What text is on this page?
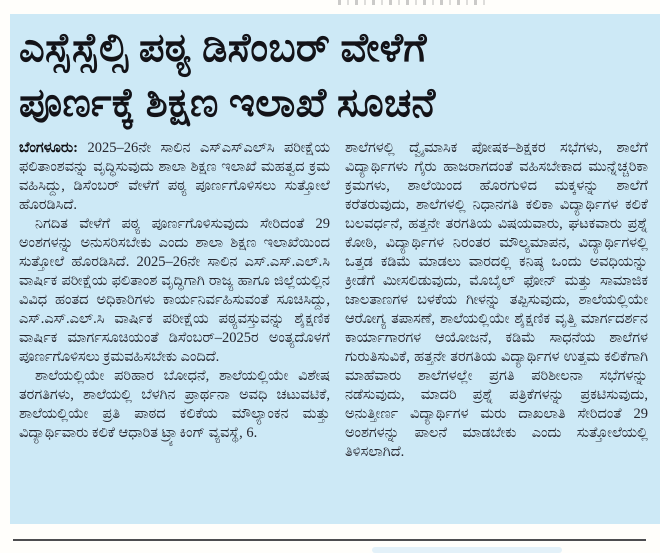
ಎಸ್ಸೆಸ್ಸೆಲ್ಸಿ ಪಠ್ಯ ಡಿಸೆಂಬರ್ ವೇಳೆಗೆ
ಪೂರ್ಣಕ್ಕೆ ಶಿಕ್ಷಣ ಇಲಾಖೆ ಸೂಚನೆ

ಬೆಂಗಳೂರು: 2025–26ನೇ ಸಾಲಿನ ಎಸ್‌ಎಸ್‌ಎಲ್‌ಸಿ ಪರೀಕ್ಷೆಯ ಫಲಿತಾಂಶವನ್ನು ವೃದ್ಧಿಸುವುದು ಶಾಲಾ ಶಿಕ್ಷಣ ಇಲಾಖೆ ಮಹತ್ವದ ಕ್ರಮ ವಹಿಸಿದ್ದು, ಡಿಸೆಂಬರ್ ವೇಳೆಗೆ ಪಠ್ಯ ಪೂರ್ಣಗೊಳಿಸಲು ಸುತ್ತೋಲೆ ಹೊರಡಿಸಿದೆ.

ನಿಗದಿತ ವೇಳೆಗೆ ಪಠ್ಯ ಪೂರ್ಣಗೊಳಿಸುವುದು ಸೇರಿದಂತೆ 29 ಅಂಶಗಳನ್ನು ಅನುಸರಿಸಬೇಕು ಎಂದು ಶಾಲಾ ಶಿಕ್ಷಣ ಇಲಾಖೆಯಿಂದ ಸುತ್ತೋಲೆ ಹೊರಡಿಸಿದೆ. 2025–26ನೇ ಸಾಲಿನ ಎಸ್.ಎಸ್.ಎಲ್.ಸಿ ವಾರ್ಷಿಕ ಪರೀಕ್ಷೆಯ ಫಲಿತಾಂಶ ವೃದ್ಧಿಗಾಗಿ ರಾಜ್ಯ ಹಾಗೂ ಜಿಲ್ಲೆಯಲ್ಲಿನ ವಿವಿಧ ಹಂತದ ಅಧಿಕಾರಿಗಳು ಕಾರ್ಯನಿರ್ವಹಿಸುವಂತೆ ಸೂಚಿಸಿದ್ದು, ಎಸ್.ಎಸ್.ಎಲ್.ಸಿ ವಾರ್ಷಿಕ ಪರೀಕ್ಷೆಯ ಪಠ್ಯವಸ್ತುವನ್ನು ಶೈಕ್ಷಣಿಕ ವಾರ್ಷಿಕ ಮಾರ್ಗಸೂಚಿಯಂತೆ ಡಿಸೆಂಬರ್–2025ರ ಅಂತ್ಯದೊಳಗೆ ಪೂರ್ಣಗೊಳಿಸಲು ಕ್ರಮವಹಿಸಬೇಕು ಎಂದಿದೆ.

ಶಾಲೆಯಲ್ಲಿಯೇ ಪರಿಹಾರ ಬೋಧನೆ, ಶಾಲೆಯಲ್ಲಿಯೇ ವಿಶೇಷ ತರಗತಿಗಳು, ಶಾಲೆಯಲ್ಲಿ ಬೆಳಗಿನ ಪ್ರಾರ್ಥನಾ ಅವಧಿ ಚಟುವಟಿಕೆ, ಶಾಲೆಯಲ್ಲಿಯೇ ಪ್ರತಿ ಪಾಠದ ಕಲಿಕೆಯ ಮೌಲ್ಯಾಂಕನ ಮತ್ತು ವಿದ್ಯಾರ್ಥಿವಾರು ಕಲಿಕೆ ಆಧಾರಿತ ಟ್ರ್ಯಾಕಿಂಗ್ ವ್ಯವಸ್ಥೆ, 6.

ಶಾಲೆಗಳಲ್ಲಿ ದ್ವೈಮಾಸಿಕ ಪೋಷಕ–ಶಿಕ್ಷಕರ ಸಭೆಗಳು, ಶಾಲೆಗೆ ವಿದ್ಯಾರ್ಥಿಗಳು ಗೈರು ಹಾಜರಾಗದಂತೆ ವಹಿಸಬೇಕಾದ ಮುನ್ನೆಚ್ಚರಿಕಾ ಕ್ರಮಗಳು, ಶಾಲೆಯಿಂದ ಹೊರಗುಳಿದ ಮಕ್ಕಳನ್ನು ಶಾಲೆಗೆ ಕರೆತರುವುದು, ಶಾಲೆಗಳಲ್ಲಿ ನಿಧಾನಗತಿ ಕಲಿಕಾ ವಿದ್ಯಾರ್ಥಿಗಳ ಕಲಿಕೆ ಬಲವರ್ಧನೆ, ಹತ್ತನೇ ತರಗತಿಯ ವಿಷಯವಾರು, ಘಟಕವಾರು ಪ್ರಶ್ನೆ ಕೋಠಿ, ವಿದ್ಯಾರ್ಥಿಗಳ ನಿರಂತರ ಮೌಲ್ಯಮಾಪನ, ವಿದ್ಯಾರ್ಥಿಗಳಲ್ಲಿ ಒತ್ತಡ ಕಡಿಮೆ ಮಾಡಲು ವಾರದಲ್ಲಿ ಕನಿಷ್ಠ ಒಂದು ಅವಧಿಯನ್ನು ಕ್ರೀಡೆಗೆ ಮೀಸಲಿಡುವುದು, ಮೊಬೈಲ್ ಫೋನ್ ಮತ್ತು ಸಾಮಾಜಿಕ ಜಾಲತಾಣಗಳ ಬಳಕೆಯ ಗೀಳನ್ನು ತಪ್ಪಿಸುವುದು, ಶಾಲೆಯಲ್ಲಿಯೇ ಆರೋಗ್ಯ ತಪಾಸಣೆ, ಶಾಲೆಯಲ್ಲಿಯೇ ಶೈಕ್ಷಣಿಕ ವೃತ್ತಿ ಮಾರ್ಗದರ್ಶನ ಕಾರ್ಯಾಗಾರಗಳ ಆಯೋಜನೆ, ಕಡಿಮೆ ಸಾಧನೆಯ ಶಾಲೆಗಳ ಗುರುತಿಸುವಿಕೆ, ಹತ್ತನೇ ತರಗತಿಯ ವಿದ್ಯಾರ್ಥಿಗಳ ಉತ್ತಮ ಕಲಿಕೆಗಾಗಿ ಮಾಹೆವಾರು ಶಾಲೆಗಳಲ್ಲೇ ಪ್ರಗತಿ ಪರಿಶೀಲನಾ ಸಭೆಗಳನ್ನು ನಡೆಸುವುದು, ಮಾದರಿ ಪ್ರಶ್ನೆ ಪತ್ರಿಕೆಗಳನ್ನು ಪ್ರಕಟಿಸುವುದು, ಅನುತ್ತೀರ್ಣ ವಿದ್ಯಾರ್ಥಿಗಳ ಮರು ದಾಖಲಾತಿ ಸೇರಿದಂತೆ 29 ಅಂಶಗಳನ್ನು ಪಾಲನೆ ಮಾಡಬೇಕು ಎಂದು ಸುತ್ತೋಲೆಯಲ್ಲಿ ತಿಳಿಸಲಾಗಿದೆ.
